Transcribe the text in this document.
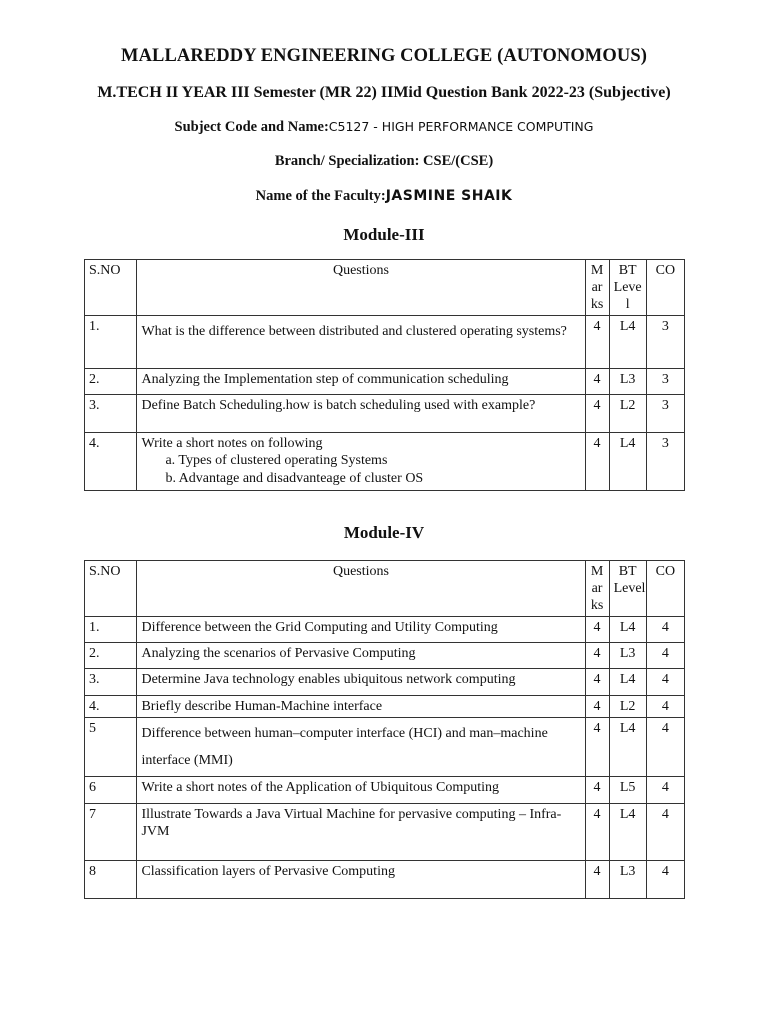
MALLAREDDY ENGINEERING COLLEGE (AUTONOMOUS)
M.TECH II YEAR III Semester (MR 22) IIMid Question Bank 2022-23 (Subjective)
Subject Code and Name:C5127 - HIGH PERFORMANCE COMPUTING
Branch/ Specialization: CSE/(CSE)
Name of the Faculty:JASMINE SHAIK
Module-III
S.NO	Questions	M ar ks	BT Leve l	CO
1.	What is the difference between distributed and clustered operating systems?	4	L4	3
2.	Analyzing the Implementation step of communication scheduling	4	L3	3
3.	Define Batch Scheduling.how is batch scheduling used with example?	4	L2	3
4.	Write a short notes on following
a. Types of clustered operating Systems
b. Advantage and disadvanteage of cluster OS	4	L4	3
Module-IV
S.NO	Questions	M ar ks	BT Level	CO
1.	Difference between the Grid Computing and Utility Computing	4	L4	4
2.	Analyzing the scenarios of Pervasive Computing	4	L3	4
3.	Determine Java technology enables ubiquitous network computing	4	L4	4
4.	Briefly describe Human-Machine interface	4	L2	4
5	Difference between human–computer interface (HCI) and man–machine interface (MMI)	4	L4	4
6	Write a short notes of the Application of Ubiquitous Computing	4	L5	4
7	Illustrate Towards a Java Virtual Machine for pervasive computing – Infra-JVM	4	L4	4
8	Classification layers of Pervasive Computing	4	L3	4
